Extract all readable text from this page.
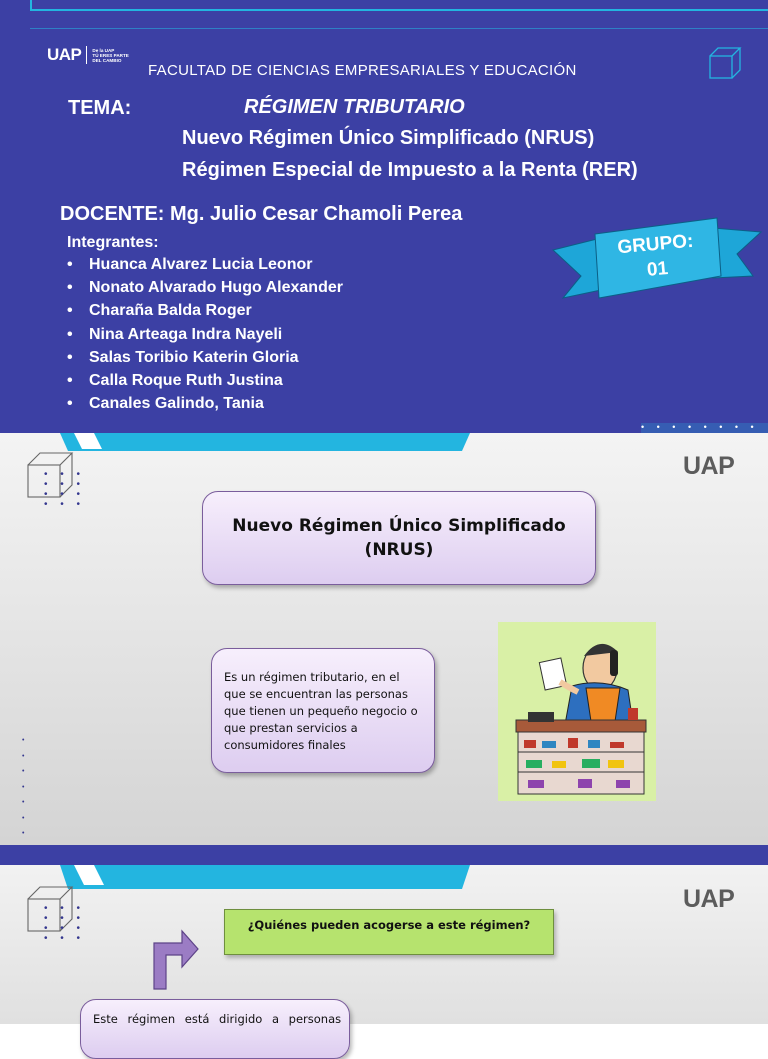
UAP De la UAP
TÚ ERES PARTE
DEL CAMBIO
FACULTAD DE CIENCIAS EMPRESARIALES Y EDUCACIÓN
TEMA:	RÉGIMEN TRIBUTARIO
Nuevo Régimen Único Simplificado (NRUS)
Régimen Especial de Impuesto a la Renta (RER)
DOCENTE: Mg. Julio Cesar Chamoli Perea
Integrantes:
• Huanca Alvarez Lucia Leonor
• Nonato Alvarado Hugo Alexander
• Charaña Balda Roger
• Nina Arteaga Indra Nayeli
• Salas Toribio Katerin Gloria
• Calla Roque Ruth Justina
• Canales Galindo, Tania
GRUPO:
01
• • • • • • • •
• • •
• • •
• • •
• • •
UAP
Nuevo Régimen Único Simplificado
(NRUS)
Es un régimen tributario, en el
que se encuentran las personas
que tienen un pequeño negocio o
que prestan servicios a
consumidores finales
•
•
•
•
•
•
•
• • •
• • •
• • •
• • •
UAP
¿Quiénes pueden acogerse a este régimen?
Este régimen está dirigido a personas
